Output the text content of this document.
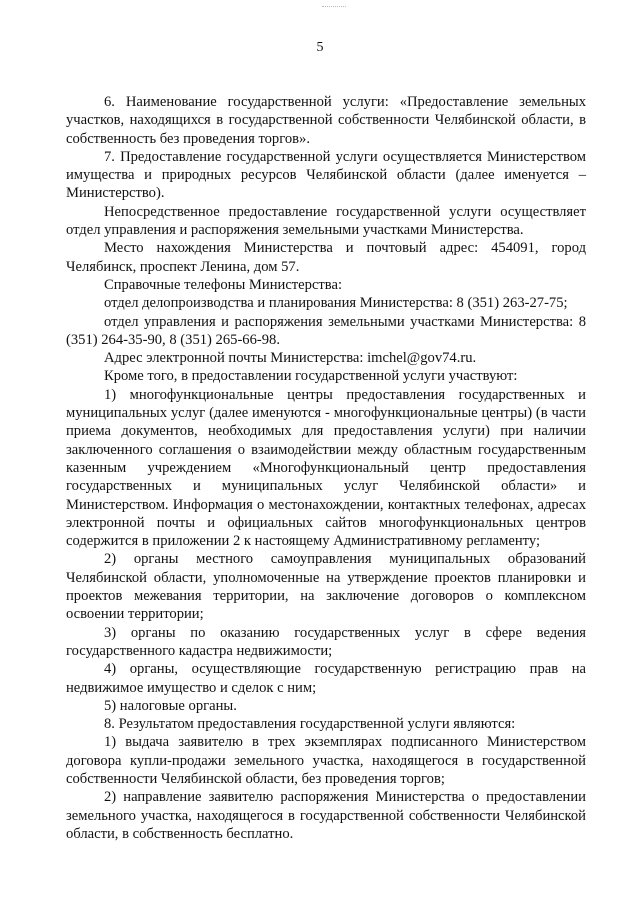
5

6. Наименование государственной услуги: «Предоставление земельных участков, находящихся в государственной собственности Челябинской области, в собственность без проведения торгов».

7. Предоставление государственной услуги осуществляется Министерством имущества и природных ресурсов Челябинской области (далее именуется – Министерство).

Непосредственное предоставление государственной услуги осуществляет отдел управления и распоряжения земельными участками Министерства.

Место нахождения Министерства и почтовый адрес: 454091, город Челябинск, проспект Ленина, дом 57.

Справочные телефоны Министерства:

отдел делопроизводства и планирования Министерства: 8 (351) 263-27-75;

отдел управления и распоряжения земельными участками Министерства: 8 (351) 264-35-90, 8 (351) 265-66-98.

Адрес электронной почты Министерства: imchel@gov74.ru.

Кроме того, в предоставлении государственной услуги участвуют:

1) многофункциональные центры предоставления государственных и муниципальных услуг (далее именуются - многофункциональные центры) (в части приема документов, необходимых для предоставления услуги) при наличии заключенного соглашения о взаимодействии между областным государственным казенным учреждением «Многофункциональный центр предоставления государственных и муниципальных услуг Челябинской области» и Министерством. Информация о местонахождении, контактных телефонах, адресах электронной почты и официальных сайтов многофункциональных центров содержится в приложении 2 к настоящему Административному регламенту;

2) органы местного самоуправления муниципальных образований Челябинской области, уполномоченные на утверждение проектов планировки и проектов межевания территории, на заключение договоров о комплексном освоении территории;

3) органы по оказанию государственных услуг в сфере ведения государственного кадастра недвижимости;

4) органы, осуществляющие государственную регистрацию прав на недвижимое имущество и сделок с ним;

5) налоговые органы.

8. Результатом предоставления государственной услуги являются:

1) выдача заявителю в трех экземплярах подписанного Министерством договора купли-продажи земельного участка, находящегося в государственной собственности Челябинской области, без проведения торгов;

2) направление заявителю распоряжения Министерства о предоставлении земельного участка, находящегося в государственной собственности Челябинской области, в собственность бесплатно.
